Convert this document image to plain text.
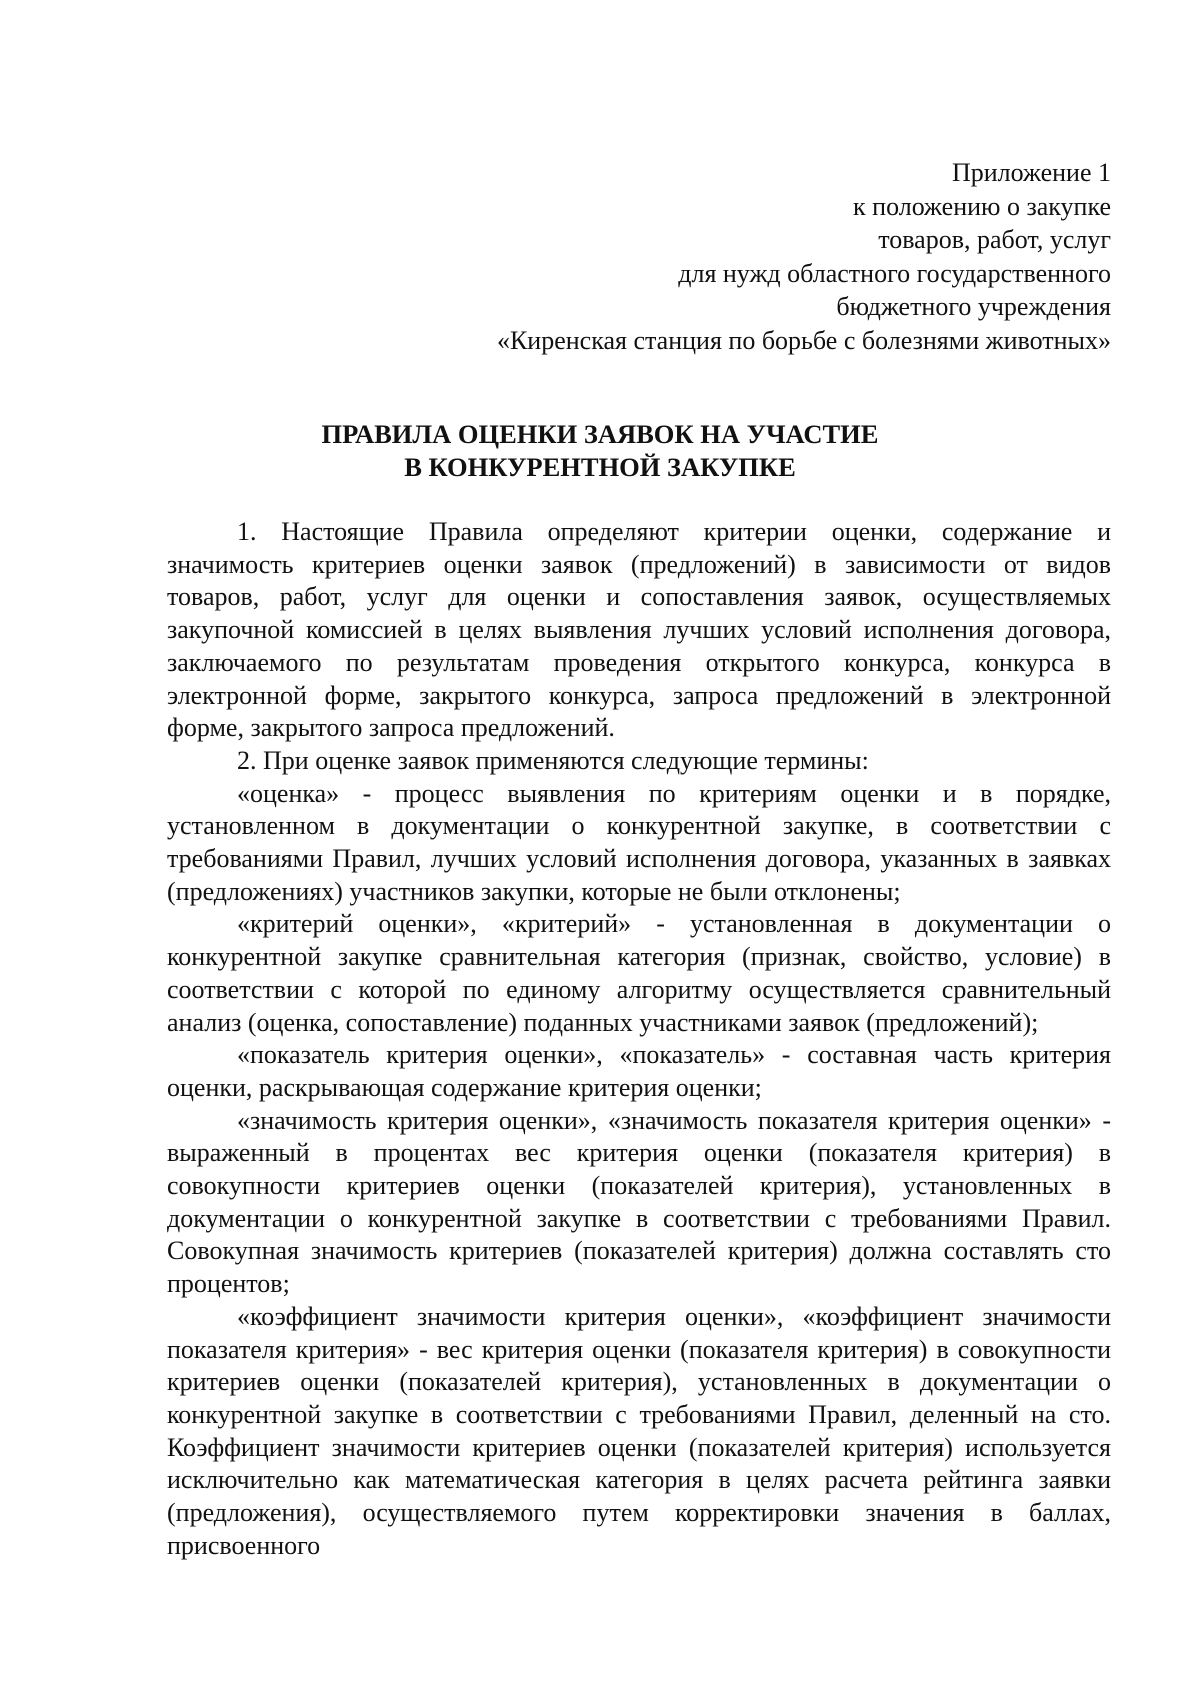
Приложение 1
к положению о закупке
товаров, работ, услуг
для нужд областного государственного
бюджетного учреждения
«Киренская станция по борьбе с болезнями животных»
ПРАВИЛА ОЦЕНКИ ЗАЯВОК НА УЧАСТИЕ
В КОНКУРЕНТНОЙ ЗАКУПКЕ

1. Настоящие Правила определяют критерии оценки, содержание и значимость критериев оценки заявок (предложений) в зависимости от видов товаров, работ, услуг для оценки и сопоставления заявок, осуществляемых закупочной комиссией в целях выявления лучших условий исполнения договора, заключаемого по результатам проведения открытого конкурса, конкурса в электронной форме, закрытого конкурса, запроса предложений в электронной форме, закрытого запроса предложений.

2. При оценке заявок применяются следующие термины:

«оценка» - процесс выявления по критериям оценки и в порядке, установленном в документации о конкурентной закупке, в соответствии с требованиями Правил, лучших условий исполнения договора, указанных в заявках (предложениях) участников закупки, которые не были отклонены;

«критерий оценки», «критерий» - установленная в документации о конкурентной закупке сравнительная категория (признак, свойство, условие) в соответствии с которой по единому алгоритму осуществляется сравнительный анализ (оценка, сопоставление) поданных участниками заявок (предложений);

«показатель критерия оценки», «показатель» - составная часть критерия оценки, раскрывающая содержание критерия оценки;

«значимость критерия оценки», «значимость показателя критерия оценки» - выраженный в процентах вес критерия оценки (показателя критерия) в совокупности критериев оценки (показателей критерия), установленных в документации о конкурентной закупке в соответствии с требованиями Правил. Совокупная значимость критериев (показателей критерия) должна составлять сто процентов;

«коэффициент значимости критерия оценки», «коэффициент значимости показателя критерия» - вес критерия оценки (показателя критерия) в совокупности критериев оценки (показателей критерия), установленных в документации о конкурентной закупке в соответствии с требованиями Правил, деленный на сто. Коэффициент значимости критериев оценки (показателей критерия) используется исключительно как математическая категория в целях расчета рейтинга заявки (предложения), осуществляемого путем корректировки значения в баллах, присвоенного
